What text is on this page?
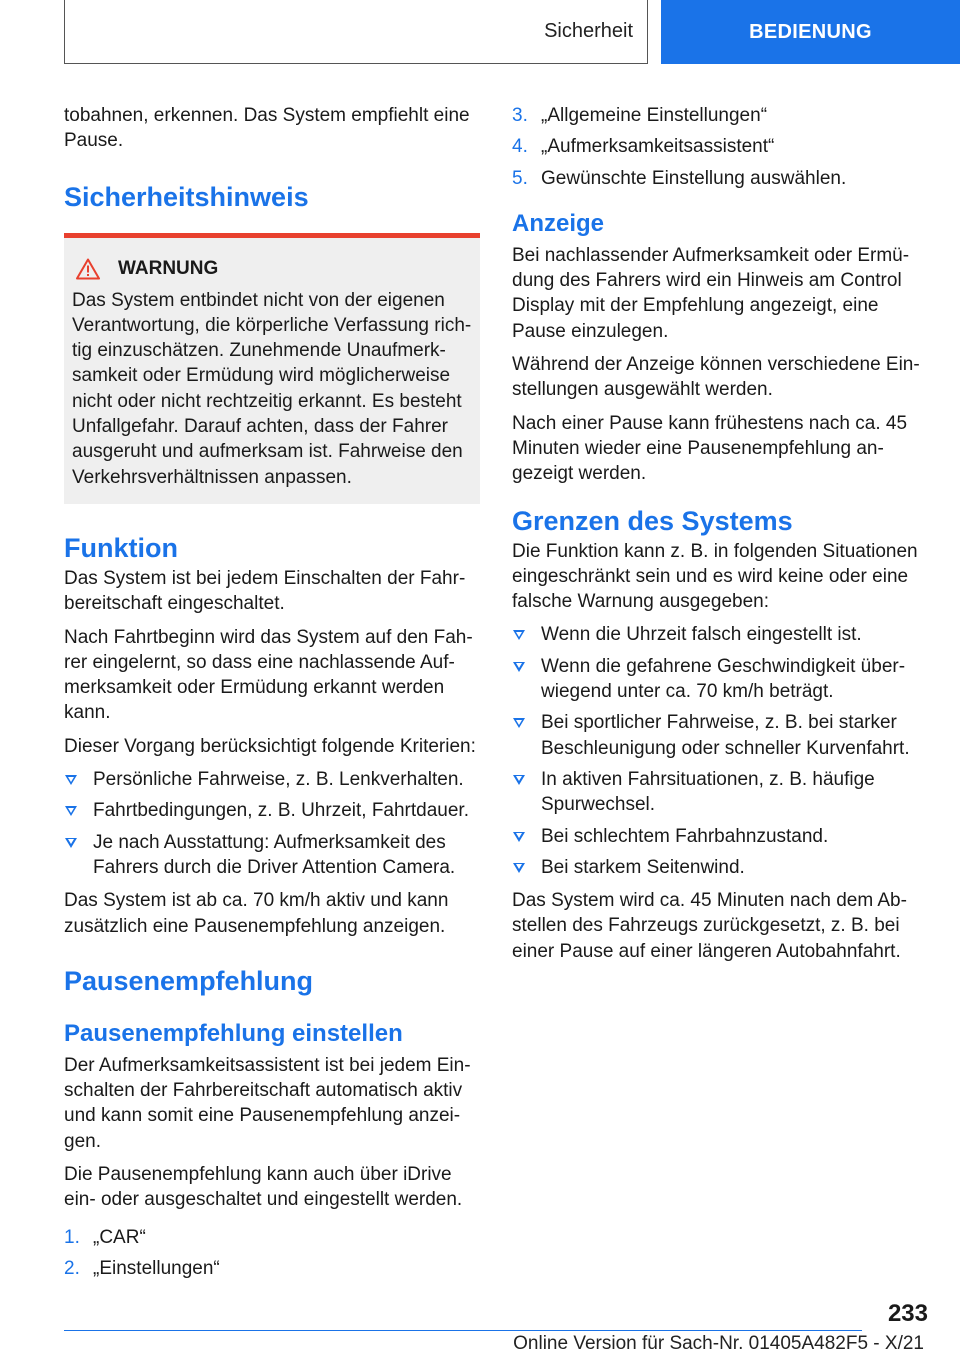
Sicherheit	BEDIENUNG

tobahnen, erkennen. Das System empfiehlt eine Pause.

Sicherheitshinweis
WARNUNG

Das System entbindet nicht von der eigenen Verantwortung, die körperliche Verfassung richtig einzuschätzen. Zunehmende Unaufmerksamkeit oder Ermüdung wird möglicherweise nicht oder nicht rechtzeitig erkannt. Es besteht Unfallgefahr. Darauf achten, dass der Fahrer ausgeruht und aufmerksam ist. Fahrweise den Verkehrsverhältnissen anpassen.

Funktion

Das System ist bei jedem Einschalten der Fahrbereitschaft eingeschaltet.

Nach Fahrtbeginn wird das System auf den Fahrer eingelernt, so dass eine nachlassende Aufmerksamkeit oder Ermüdung erkannt werden kann.

Dieser Vorgang berücksichtigt folgende Kriterien:

Persönliche Fahrweise, z. B. Lenkverhalten.
Fahrtbedingungen, z. B. Uhrzeit, Fahrtdauer.
Je nach Ausstattung: Aufmerksamkeit des Fahrers durch die Driver Attention Camera.

Das System ist ab ca. 70 km/h aktiv und kann zusätzlich eine Pausenempfehlung anzeigen.

Pausenempfehlung
Pausenempfehlung einstellen

Der Aufmerksamkeitsassistent ist bei jedem Einschalten der Fahrbereitschaft automatisch aktiv und kann somit eine Pausenempfehlung anzeigen.

Die Pausenempfehlung kann auch über iDrive ein- oder ausgeschaltet und eingestellt werden.

1. „CAR“
2. „Einstellungen“
3. „Allgemeine Einstellungen“
4. „Aufmerksamkeitsassistent“
5. Gewünschte Einstellung auswählen.
Anzeige

Bei nachlassender Aufmerksamkeit oder Ermüdung des Fahrers wird ein Hinweis am Control Display mit der Empfehlung angezeigt, eine Pause einzulegen.

Während der Anzeige können verschiedene Einstellungen ausgewählt werden.

Nach einer Pause kann frühestens nach ca. 45 Minuten wieder eine Pausenempfehlung angezeigt werden.

Grenzen des Systems

Die Funktion kann z. B. in folgenden Situationen eingeschränkt sein und es wird keine oder eine falsche Warnung ausgegeben:

Wenn die Uhrzeit falsch eingestellt ist.
Wenn die gefahrene Geschwindigkeit überwiegend unter ca. 70 km/h beträgt.
Bei sportlicher Fahrweise, z. B. bei starker Beschleunigung oder schneller Kurvenfahrt.
In aktiven Fahrsituationen, z. B. häufige Spurwechsel.
Bei schlechtem Fahrbahnzustand.
Bei starkem Seitenwind.

Das System wird ca. 45 Minuten nach dem Abstellen des Fahrzeugs zurückgesetzt, z. B. bei einer Pause auf einer längeren Autobahnfahrt.

233
Online Version für Sach-Nr. 01405A482F5 - X/21
